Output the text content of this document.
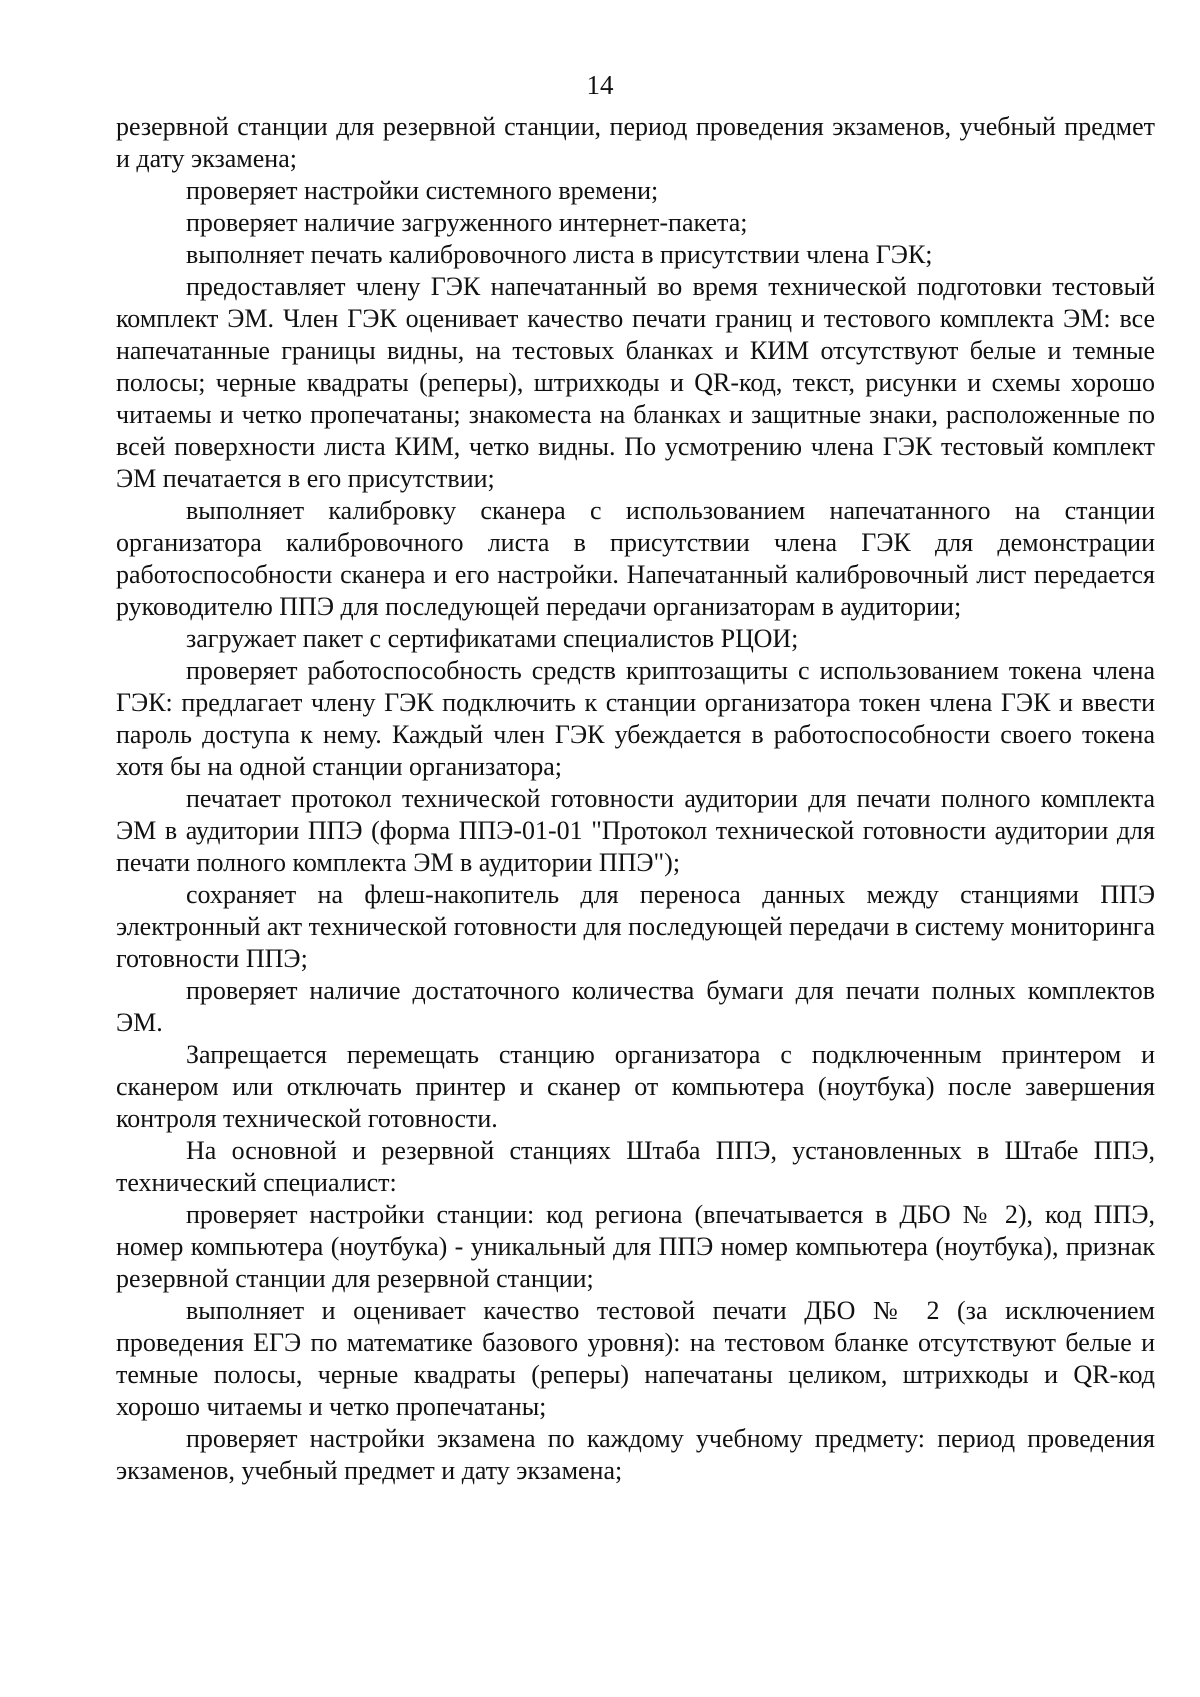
14

резервной станции для резервной станции, период проведения экзаменов, учебный предмет и дату экзамена;

проверяет настройки системного времени;

проверяет наличие загруженного интернет-пакета;

выполняет печать калибровочного листа в присутствии члена ГЭК;

предоставляет члену ГЭК напечатанный во время технической подготовки тестовый комплект ЭМ. Член ГЭК оценивает качество печати границ и тестового комплекта ЭМ: все напечатанные границы видны, на тестовых бланках и КИМ отсутствуют белые и темные полосы; черные квадраты (реперы), штрихкоды и QR-код, текст, рисунки и схемы хорошо читаемы и четко пропечатаны; знакоместа на бланках и защитные знаки, расположенные по всей поверхности листа КИМ, четко видны. По усмотрению члена ГЭК тестовый комплект ЭМ печатается в его присутствии;

выполняет калибровку сканера с использованием напечатанного на станции организатора калибровочного листа в присутствии члена ГЭК для демонстрации работоспособности сканера и его настройки. Напечатанный калибровочный лист передается руководителю ППЭ для последующей передачи организаторам в аудитории;

загружает пакет с сертификатами специалистов РЦОИ;

проверяет работоспособность средств криптозащиты с использованием токена члена ГЭК: предлагает члену ГЭК подключить к станции организатора токен члена ГЭК и ввести пароль доступа к нему. Каждый член ГЭК убеждается в работоспособности своего токена хотя бы на одной станции организатора;

печатает протокол технической готовности аудитории для печати полного комплекта ЭМ в аудитории ППЭ (форма ППЭ-01-01 "Протокол технической готовности аудитории для печати полного комплекта ЭМ в аудитории ППЭ");

сохраняет на флеш-накопитель для переноса данных между станциями ППЭ электронный акт технической готовности для последующей передачи в систему мониторинга готовности ППЭ;

проверяет наличие достаточного количества бумаги для печати полных комплектов ЭМ.

Запрещается перемещать станцию организатора с подключенным принтером и сканером или отключать принтер и сканер от компьютера (ноутбука) после завершения контроля технической готовности.

На основной и резервной станциях Штаба ППЭ, установленных в Штабе ППЭ, технический специалист:

проверяет настройки станции: код региона (впечатывается в ДБО № 2), код ППЭ, номер компьютера (ноутбука) - уникальный для ППЭ номер компьютера (ноутбука), признак резервной станции для резервной станции;

выполняет и оценивает качество тестовой печати ДБО № 2 (за исключением проведения ЕГЭ по математике базового уровня): на тестовом бланке отсутствуют белые и темные полосы, черные квадраты (реперы) напечатаны целиком, штрихкоды и QR-код хорошо читаемы и четко пропечатаны;

проверяет настройки экзамена по каждому учебному предмету: период проведения экзаменов, учебный предмет и дату экзамена;
